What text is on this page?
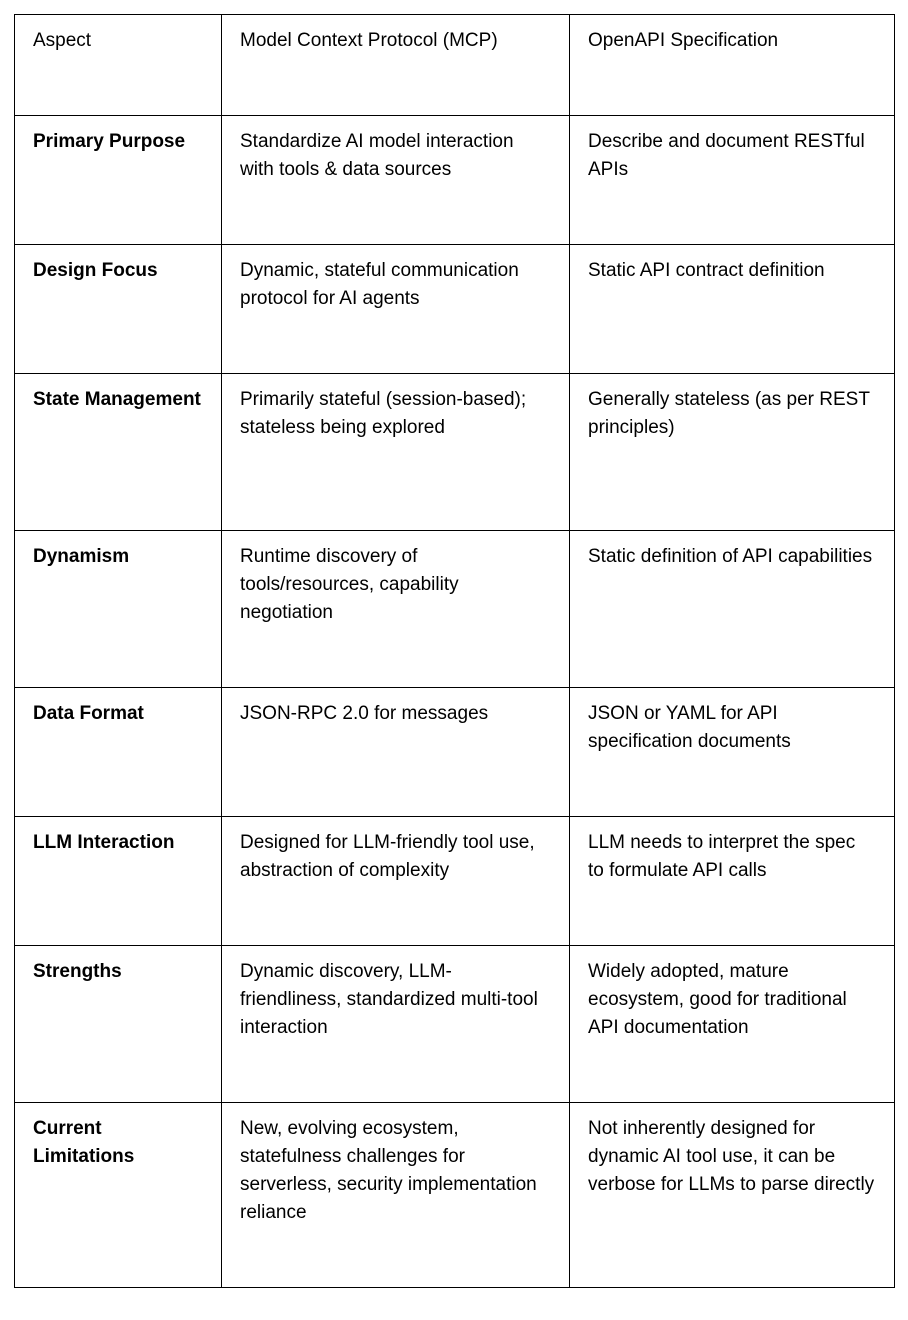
Aspect	Model Context Protocol (MCP)	OpenAPI Specification
Primary Purpose	Standardize AI model interaction with tools & data sources	Describe and document RESTful APIs
Design Focus	Dynamic, stateful communication protocol for AI agents	Static API contract definition
State Management	Primarily stateful (session-based); stateless being explored	Generally stateless (as per REST principles)
Dynamism	Runtime discovery of tools/resources, capability negotiation	Static definition of API capabilities
Data Format	JSON-RPC 2.0 for messages	JSON or YAML for API specification documents
LLM Interaction	Designed for LLM-friendly tool use, abstraction of complexity	LLM needs to interpret the spec to formulate API calls
Strengths	Dynamic discovery, LLM-friendliness, standardized multi-tool interaction	Widely adopted, mature ecosystem, good for traditional API documentation
Current Limitations	New, evolving ecosystem, statefulness challenges for serverless, security implementation reliance	Not inherently designed for dynamic AI tool use, it can be verbose for LLMs to parse directly
